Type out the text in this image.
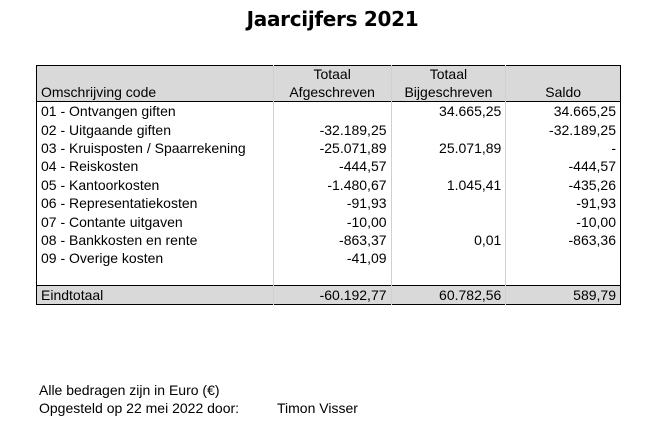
Jaarcijfers 2021
	Totaal	Totaal	
Omschrijving code	Afgeschreven	Bijgeschreven	Saldo
01 - Ontvangen giften		34.665,25	34.665,25
02 - Uitgaande giften	-32.189,25		-32.189,25
03 - Kruisposten / Spaarrekening	-25.071,89	25.071,89	-
04 - Reiskosten	-444,57		-444,57
05 - Kantoorkosten	-1.480,67	1.045,41	-435,26
06 - Representatiekosten	-91,93		-91,93
07 - Contante uitgaven	-10,00		-10,00
08 - Bankkosten en rente	-863,37	0,01	-863,36
09 - Overige kosten	-41,09		

Eindtotaal	-60.192,77	60.782,56	589,79
Alle bedragen zijn in Euro (€)
Opgesteld op 22 mei 2022 door:	Timon Visser
